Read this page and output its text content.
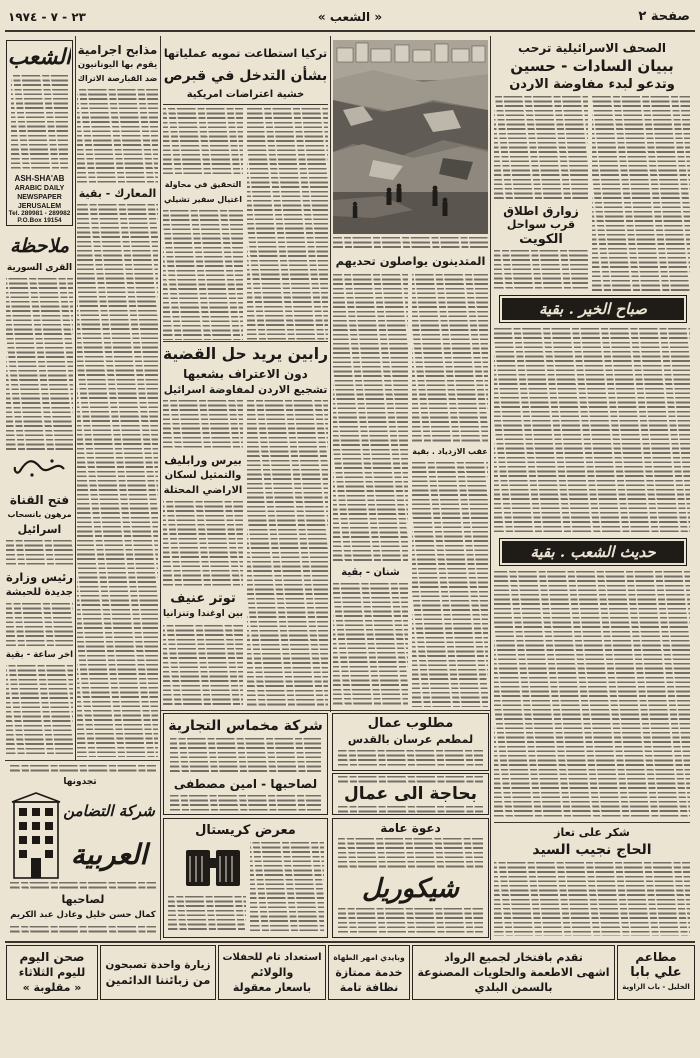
صفحة ٢
« الشعب »
٢٣ - ٧ - ١٩٧٤
الصحف الاسرائيلية ترحب
ببيان السادات - حسين
وتدعو لبدء مفاوضة الاردن
زوارق اطلاق
قرب سواحل
الكويت
صباح الخير . بقية
حديث الشعب . بقية
شكر على تعاز
الحاج نجيب السيد
المتدينون يواصلون تحديهم
عقب الازدياد . بقية
شنان - بقية
تركيا استطاعت تمويه عملياتها
بشأن التدخل في قبرص
خشية اعتراضات امريكية
التحقيق في محاولة
اغتيال سفير تشيلي
رابين يريد حل القضية
دون الاعتراف بشعبها
تشجيع الاردن لمفاوضة اسرائيل
بيرس ورابليف
والتمثيل لسكان
الاراضي المحتلة
توتر عنيف
بين اوغندا وتنزانيا
مذابح اجرامية
يقوم بها اليونانيون
ضد القبارصة الاتراك
المعارك - بقية
الشعب
ASH-SHA'AB
ARABIC DAILY
NEWSPAPER
JERUSALEM
Tel. 289981 - 289982
P.O.Box 19154
ملاحظة
القرى السورية
فتح القناة
مرهون بانسحاب
اسرائيل
رئيس وزارة
جديدة للحبشة
اخر ساعة - بقية
تجدونها
شركة التضامن
العربية
لصاحبها
كمال حسن خليل وعادل عبد الكريم
شركة مخماس التجارية
لصاحبها - امين مصطفى
مطلوب عمال
لمطعم عرسان بالقدس
بحاجة الى عمال
معرض كريستال	دعوة عامة
شيكوريل
مطاعم
علي بابا
الخليل - باب الزاوية
تقدم بافتخار لجميع الرواد
اشهى الاطعمة والحلويات المصنوعة
بالسمن البلدي
وبايدي امهر الطهاة
خدمة ممتازة
نظافة تامة
استعداد تام للحفلات
والولائم
باسعار معقولة
زيارة واحدة تصبحون
من زبائننا الدائمين
صحن اليوم
لليوم الثلاثاء
« مقلوبة »
